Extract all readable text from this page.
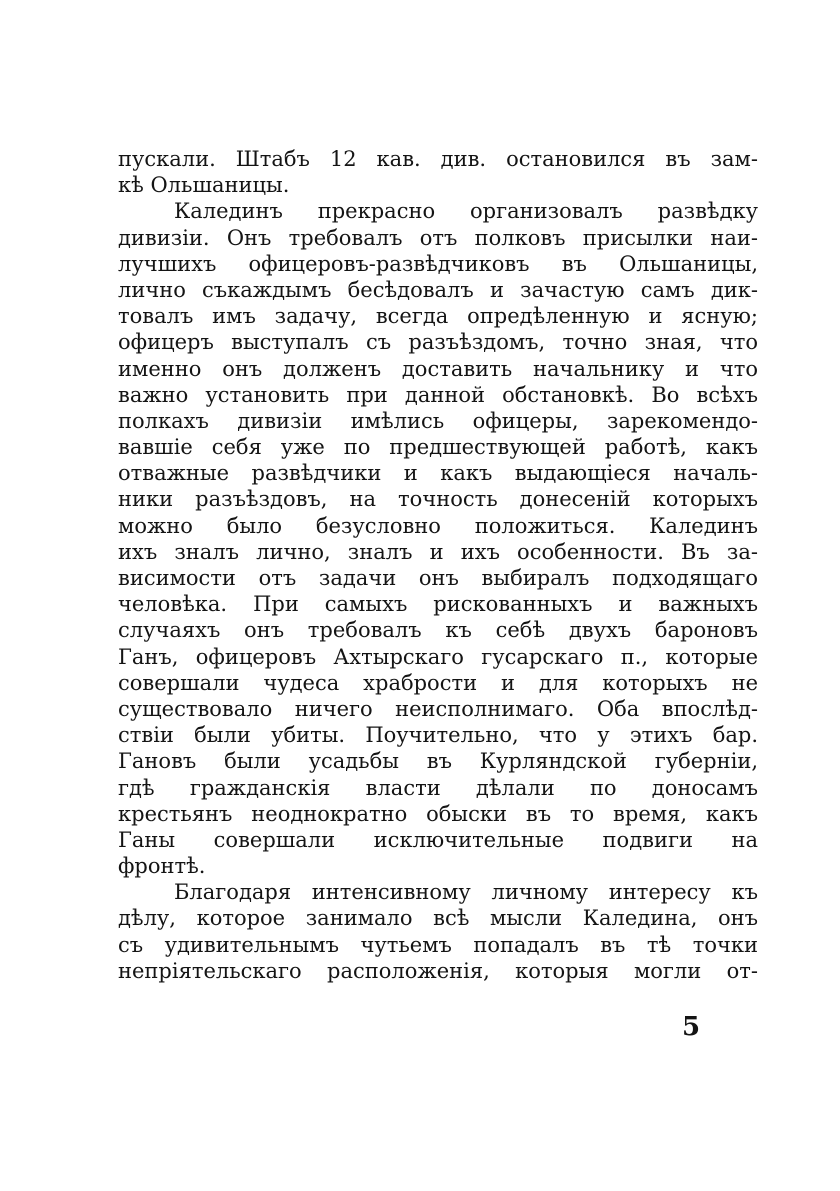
пускали. Штабъ 12 кав. див. остановился въ зам-
кѣ Ольшаницы.
Калединъ прекрасно организовалъ развѣдку
дивизіи. Онъ требовалъ отъ полковъ присылки наи-
лучшихъ офицеровъ-развѣдчиковъ въ Ольшаницы,
лично съкаждымъ бесѣдовалъ и зачастую самъ дик-
товалъ имъ задачу, всегда опредѣленную и ясную;
офицеръ выступалъ съ разъѣздомъ, точно зная, что
именно онъ долженъ доставить начальнику и что
важно установить при данной обстановкѣ. Во всѣхъ
полкахъ дивизіи имѣлись офицеры, зарекомендо-
вавшіе себя уже по предшествующей работѣ, какъ
отважные развѣдчики и какъ выдающіеся началь-
ники разъѣздовъ, на точность донесеній которыхъ
можно было безусловно положиться. Калединъ
ихъ зналъ лично, зналъ и ихъ особенности. Въ за-
висимости отъ задачи онъ выбиралъ подходящаго
человѣка. При самыхъ рискованныхъ и важныхъ
случаяхъ онъ требовалъ къ себѣ двухъ бароновъ
Ганъ, офицеровъ Ахтырскаго гусарскаго п., которые
совершали чудеса храбрости и для которыхъ не
существовало ничего неисполнимаго. Оба впослѣд-
ствіи были убиты. Поучительно, что у этихъ бар.
Гановъ были усадьбы въ Курляндской губерніи,
гдѣ гражданскія власти дѣлали по доносамъ
крестьянъ неоднократно обыски въ то время, какъ
Ганы совершали исключительные подвиги на
фронтѣ.
Благодаря интенсивному личному интересу къ
дѣлу, которое занимало всѣ мысли Каледина, онъ
съ удивительнымъ чутьемъ попадалъ въ тѣ точки
непріятельскаго расположенія, которыя могли от-
5
